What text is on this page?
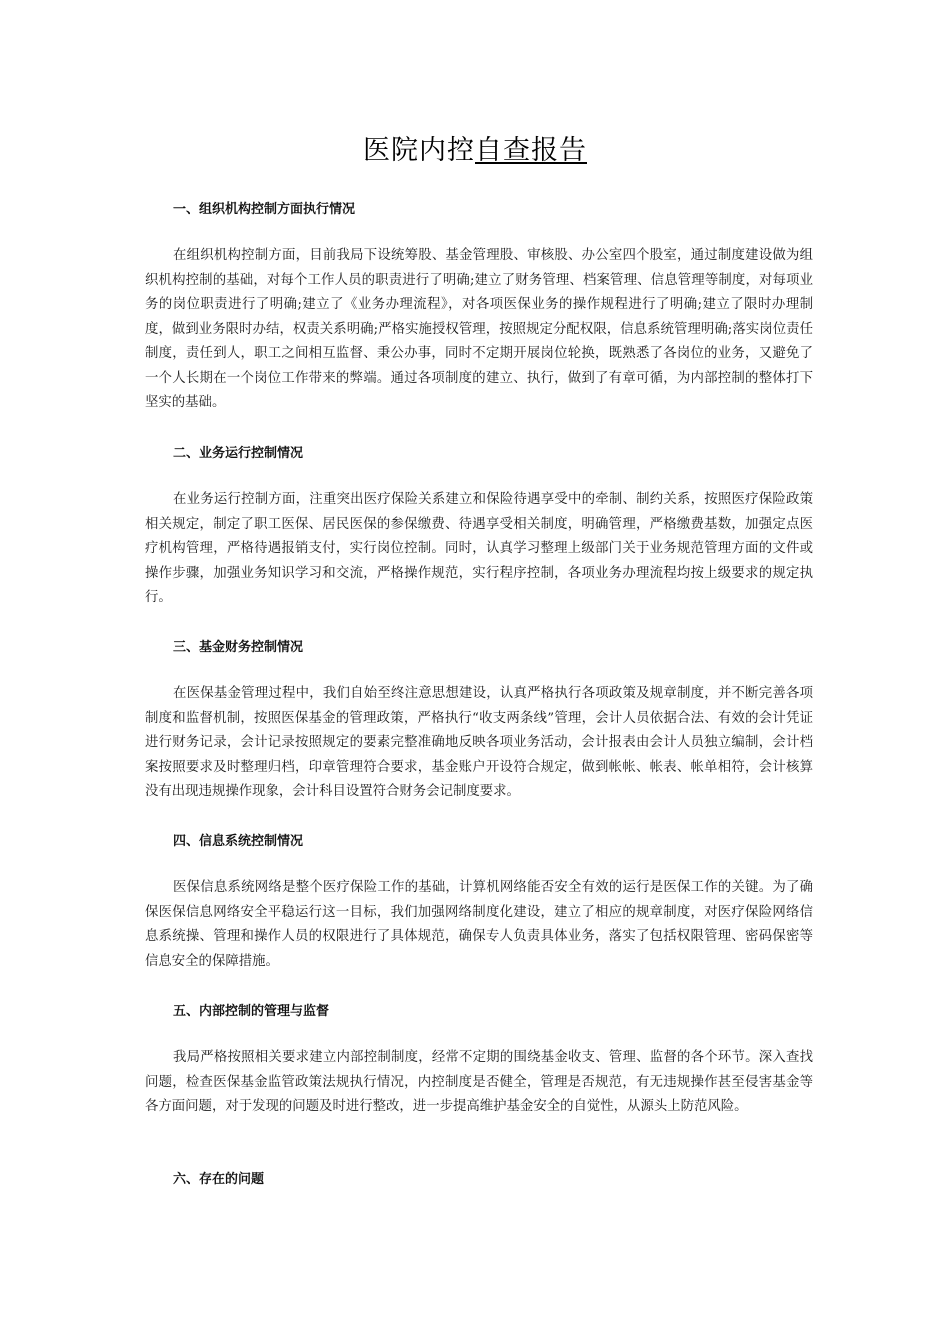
医院内控自查报告

一、组织机构控制方面执行情况

在组织机构控制方面，目前我局下设统筹股、基金管理股、审核股、办公室四个股室，通过制度建设做为组织机构控制的基础，对每个工作人员的职责进行了明确;建立了财务管理、档案管理、信息管理等制度，对每项业务的岗位职责进行了明确;建立了《业务办理流程》，对各项医保业务的操作规程进行了明确;建立了限时办理制度，做到业务限时办结，权责关系明确;严格实施授权管理，按照规定分配权限，信息系统管理明确;落实岗位责任制度，责任到人，职工之间相互监督、秉公办事，同时不定期开展岗位轮换，既熟悉了各岗位的业务，又避免了一个人长期在一个岗位工作带来的弊端。通过各项制度的建立、执行，做到了有章可循，为内部控制的整体打下坚实的基础。

二、业务运行控制情况

在业务运行控制方面，注重突出医疗保险关系建立和保险待遇享受中的牵制、制约关系，按照医疗保险政策相关规定，制定了职工医保、居民医保的参保缴费、待遇享受相关制度，明确管理，严格缴费基数，加强定点医疗机构管理，严格待遇报销支付，实行岗位控制。同时，认真学习整理上级部门关于业务规范管理方面的文件或操作步骤，加强业务知识学习和交流，严格操作规范，实行程序控制，各项业务办理流程均按上级要求的规定执行。

三、基金财务控制情况

在医保基金管理过程中，我们自始至终注意思想建设，认真严格执行各项政策及规章制度，并不断完善各项制度和监督机制，按照医保基金的管理政策，严格执行“收支两条线”管理，会计人员依据合法、有效的会计凭证进行财务记录，会计记录按照规定的要素完整准确地反映各项业务活动，会计报表由会计人员独立编制，会计档案按照要求及时整理归档，印章管理符合要求，基金账户开设符合规定，做到帐帐、帐表、帐单相符，会计核算没有出现违规操作现象，会计科目设置符合财务会记制度要求。

四、信息系统控制情况

医保信息系统网络是整个医疗保险工作的基础，计算机网络能否安全有效的运行是医保工作的关键。为了确保医保信息网络安全平稳运行这一目标，我们加强网络制度化建设，建立了相应的规章制度，对医疗保险网络信息系统操、管理和操作人员的权限进行了具体规范，确保专人负责具体业务，落实了包括权限管理、密码保密等信息安全的保障措施。

五、内部控制的管理与监督

我局严格按照相关要求建立内部控制制度，经常不定期的围绕基金收支、管理、监督的各个环节。深入查找问题，检查医保基金监管政策法规执行情况，内控制度是否健全，管理是否规范，有无违规操作甚至侵害基金等各方面问题，对于发现的问题及时进行整改，进一步提高维护基金安全的自觉性，从源头上防范风险。

六、存在的问题
